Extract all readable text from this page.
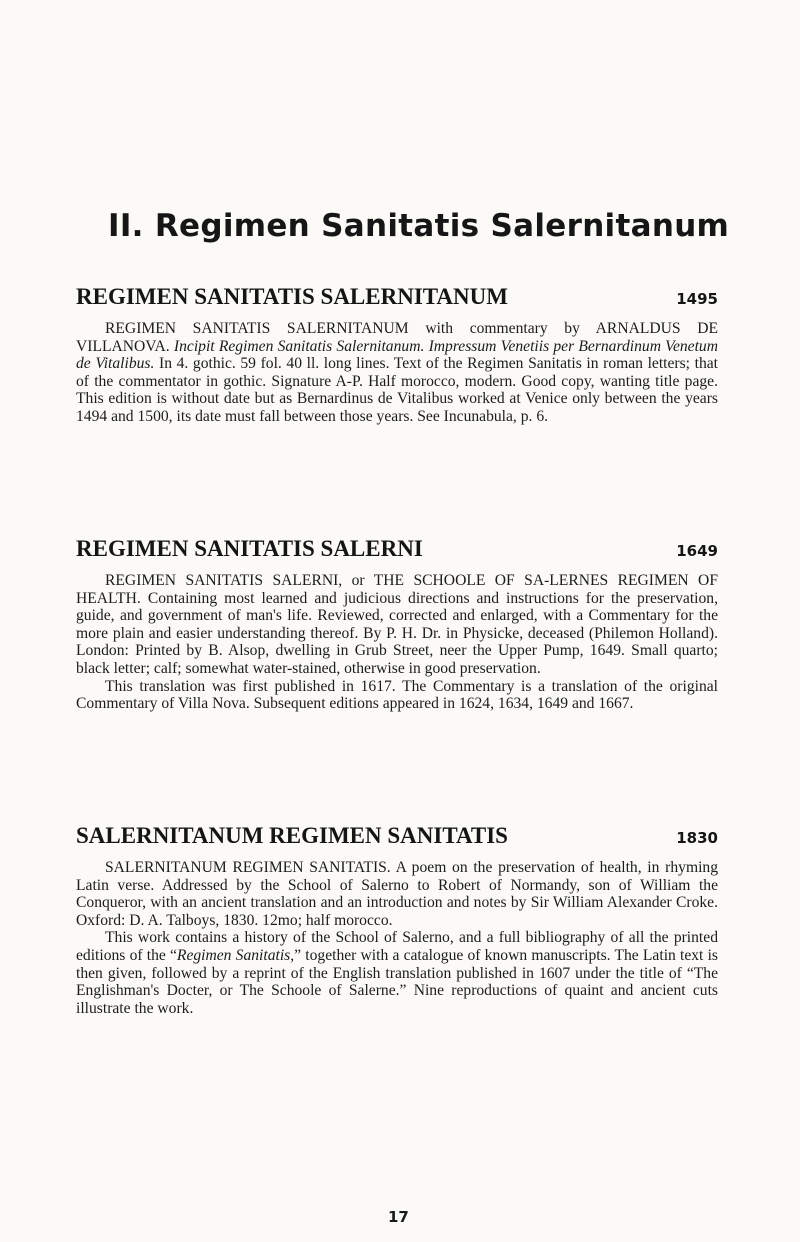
II. Regimen Sanitatis Salernitanum
REGIMEN SANITATIS SALERNITANUM	1495

REGIMEN SANITATIS SALERNITANUM with commentary by ARNALDUS DE VILLANOVA. Incipit Regimen Sanitatis Salernitanum. Impressum Venetiis per Bernardinum Venetum de Vitalibus. In 4. gothic. 59 fol. 40 ll. long lines. Text of the Regimen Sanitatis in roman letters; that of the commentator in gothic. Signature A-P. Half morocco, modern. Good copy, wanting title page. This edition is without date but as Bernardinus de Vitalibus worked at Venice only between the years 1494 and 1500, its date must fall between those years. See Incunabula, p. 6.

REGIMEN SANITATIS SALERNI	1649

REGIMEN SANITATIS SALERNI, or THE SCHOOLE OF SA-LERNES REGIMEN OF HEALTH. Containing most learned and judicious directions and instructions for the preservation, guide, and government of man's life. Reviewed, corrected and enlarged, with a Commentary for the more plain and easier understanding thereof. By P. H. Dr. in Physicke, deceased (Philemon Holland). London: Printed by B. Alsop, dwelling in Grub Street, neer the Upper Pump, 1649. Small quarto; black letter; calf; somewhat water-stained, otherwise in good preservation.

This translation was first published in 1617. The Commentary is a translation of the original Commentary of Villa Nova. Subsequent editions appeared in 1624, 1634, 1649 and 1667.

SALERNITANUM REGIMEN SANITATIS	1830

SALERNITANUM REGIMEN SANITATIS. A poem on the preservation of health, in rhyming Latin verse. Addressed by the School of Salerno to Robert of Normandy, son of William the Conqueror, with an ancient translation and an introduction and notes by Sir William Alexander Croke. Oxford: D. A. Talboys, 1830. 12mo; half morocco.

This work contains a history of the School of Salerno, and a full bibliography of all the printed editions of the “Regimen Sanitatis,” together with a catalogue of known manuscripts. The Latin text is then given, followed by a reprint of the English translation published in 1607 under the title of “The Englishman's Docter, or The Schoole of Salerne.” Nine reproductions of quaint and ancient cuts illustrate the work.

17
